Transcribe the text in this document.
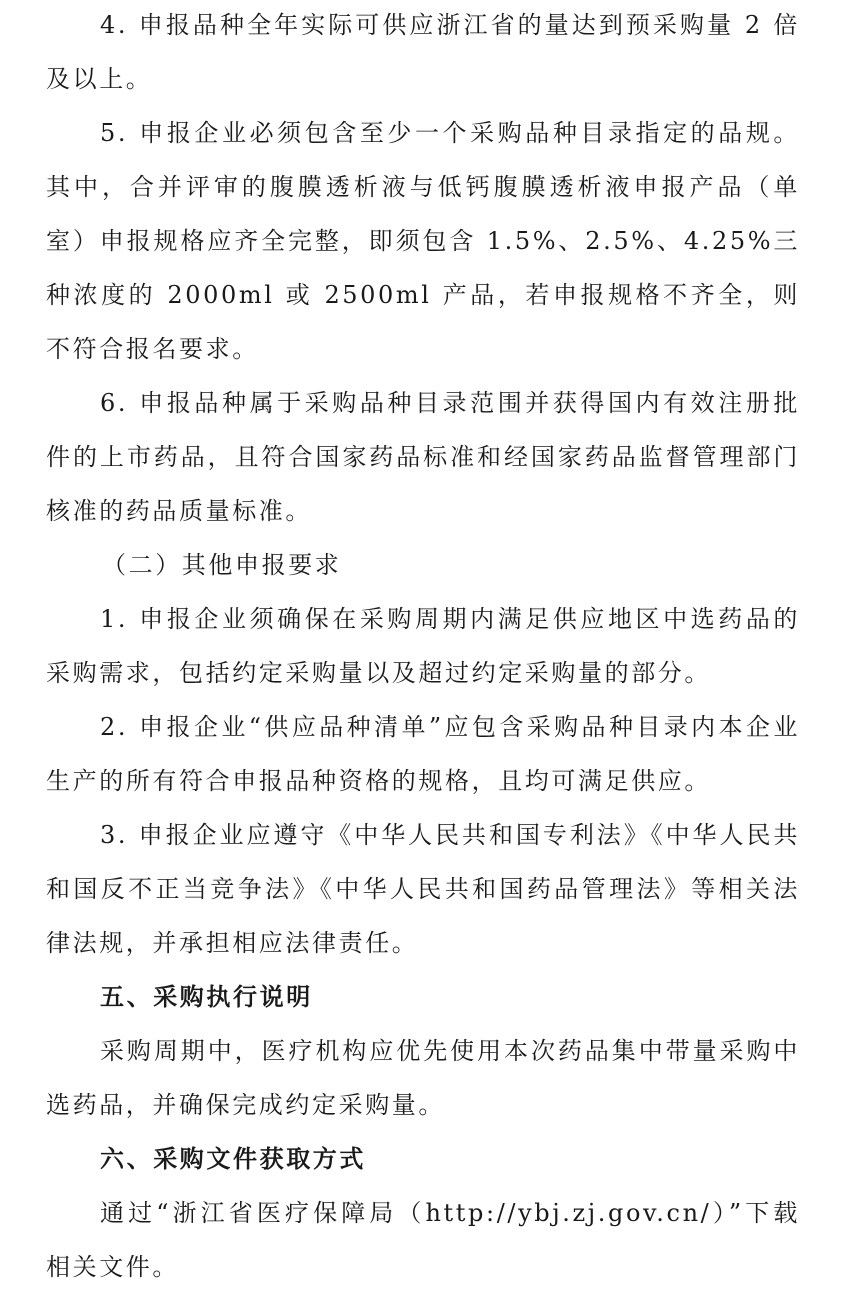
4. 申报品种全年实际可供应浙江省的量达到预采购量 2 倍及以上。

5. 申报企业必须包含至少一个采购品种目录指定的品规。其中，合并评审的腹膜透析液与低钙腹膜透析液申报产品（单室）申报规格应齐全完整，即须包含 1.5%、2.5%、4.25%三种浓度的 2000ml 或 2500ml 产品，若申报规格不齐全，则不符合报名要求。

6. 申报品种属于采购品种目录范围并获得国内有效注册批件的上市药品，且符合国家药品标准和经国家药品监督管理部门核准的药品质量标准。

（二）其他申报要求

1. 申报企业须确保在采购周期内满足供应地区中选药品的采购需求，包括约定采购量以及超过约定采购量的部分。

2. 申报企业“供应品种清单”应包含采购品种目录内本企业生产的所有符合申报品种资格的规格，且均可满足供应。

3. 申报企业应遵守《中华人民共和国专利法》《中华人民共和国反不正当竞争法》《中华人民共和国药品管理法》等相关法律法规，并承担相应法律责任。

五、采购执行说明

采购周期中，医疗机构应优先使用本次药品集中带量采购中选药品，并确保完成约定采购量。

六、采购文件获取方式

通过“浙江省医疗保障局（http://ybj.zj.gov.cn/）”下载相关文件。
